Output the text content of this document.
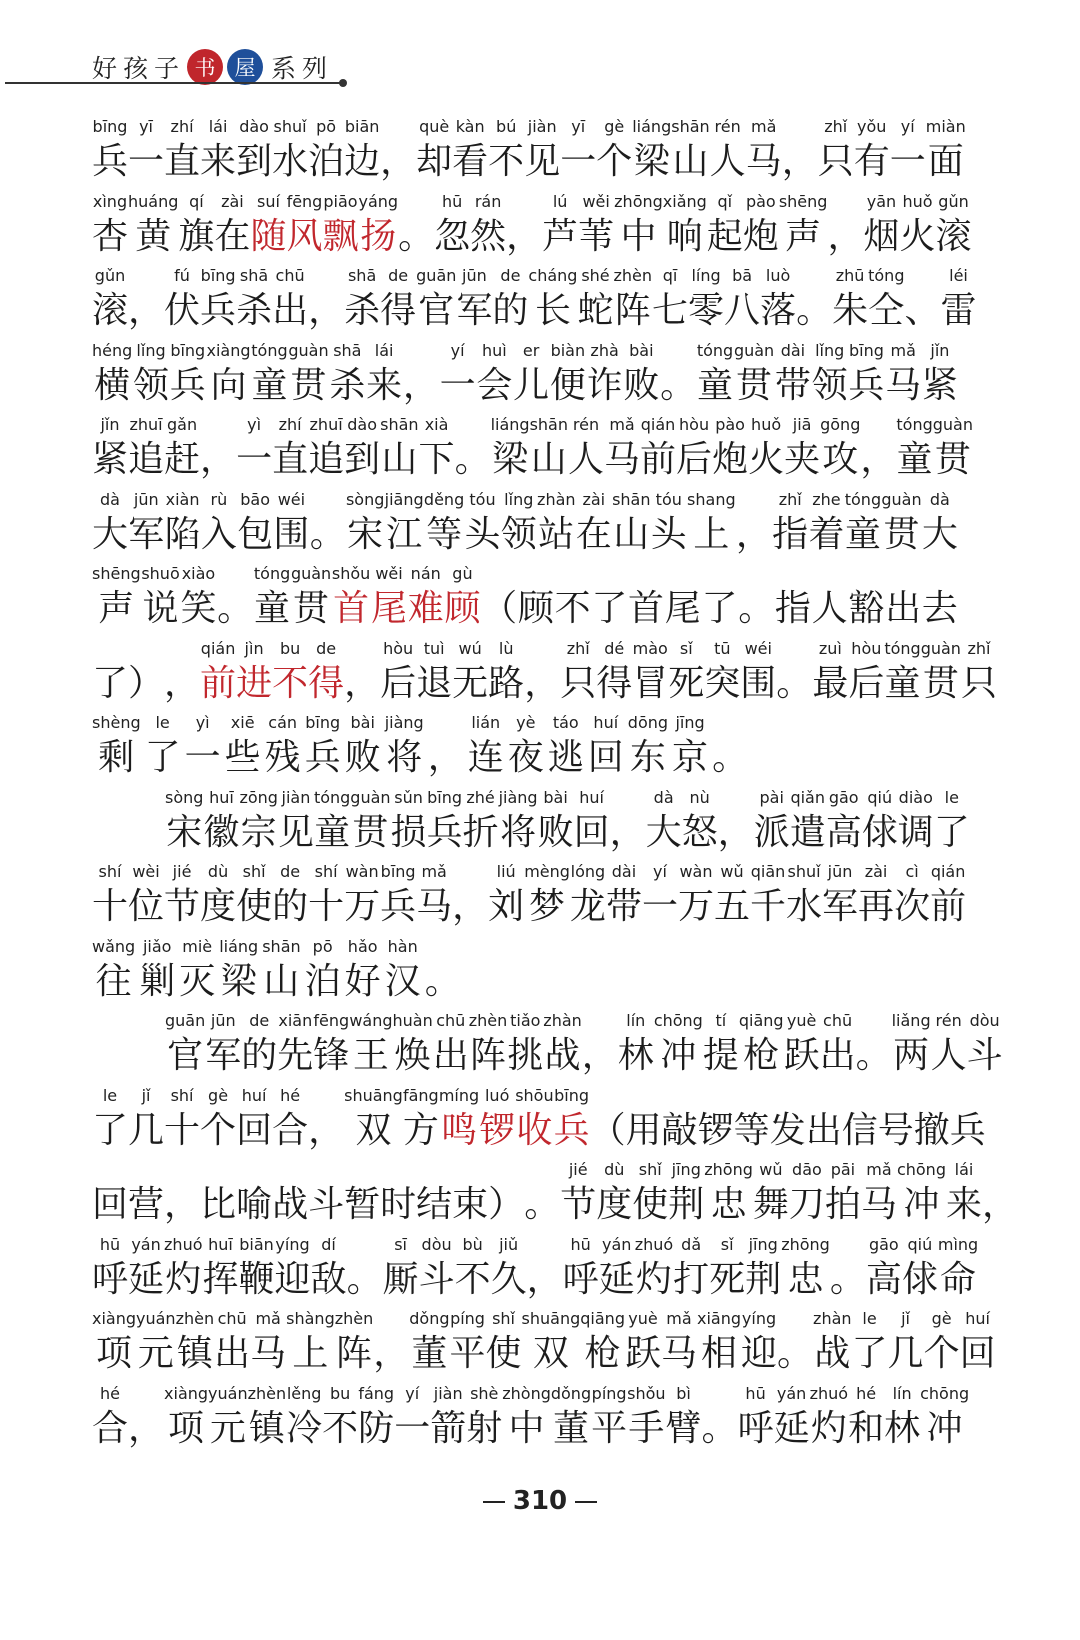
好孩子 书 屋 系列
bīng
兵
yī
一
zhí
直
lái
来
dào
到
shuǐ
水
pō
泊
biān
边 ，
què
却
kàn
看
bú
不
jiàn
见
yī
一
gè
个
liáng
梁
shān
山
rén
人
mǎ
马 ，
zhǐ
只
yǒu
有
yí
一
miàn
面
xìng
杏
huáng
黄
qí
旗
zài
在
suí
随
fēng
风
piāo
飘
yáng
扬 。
hū
忽
rán
然 ，
lú
芦
wěi
苇
zhōng
中
xiǎng
响
qǐ
起
pào
炮
shēng
声 ，
yān
烟
huǒ
火
gǔn
滚
gǔn
滚 ，
fú
伏
bīng
兵
shā
杀
chū
出 ，
shā
杀
de
得
guān
官
jūn
军
de
的
cháng
长
shé
蛇
zhèn
阵
qī
七
líng
零
bā
八
luò
落 。
zhū
朱
tóng
仝 、
léi
雷
héng
横
lǐng
领
bīng
兵
xiàng
向
tóng
童
guàn
贯
shā
杀
lái
来 ，
yí
一
huì
会
er
儿
biàn
便
zhà
诈
bài
败 。
tóng
童
guàn
贯
dài
带
lǐng
领
bīng
兵
mǎ
马
jǐn
紧
jǐn
紧
zhuī
追
gǎn
赶 ，
yì
一
zhí
直
zhuī
追
dào
到
shān
山
xià
下 。
liáng
梁
shān
山
rén
人
mǎ
马
qián
前
hòu
后
pào
炮
huǒ
火
jiā
夹
gōng
攻 ，
tóng
童
guàn
贯
dà
大
jūn
军
xiàn
陷
rù
入
bāo
包
wéi
围 。
sòng
宋
jiāng
江
děng
等
tóu
头
lǐng
领
zhàn
站
zài
在
shān
山
tóu
头
shang
上 ，
zhǐ
指
zhe
着
tóng
童
guàn
贯
dà
大
shēng
声
shuō
说
xiào
笑 。
tóng
童
guàn
贯
shǒu
首
wěi
尾
nán
难
gù
顾 （ 顾 不 了 首 尾 了 。 指 人 豁 出 去
了 ） ，
qián
前
jìn
进
bu
不
de
得 ，
hòu
后
tuì
退
wú
无
lù
路 ，
zhǐ
只
dé
得
mào
冒
sǐ
死
tū
突
wéi
围 。
zuì
最
hòu
后
tóng
童
guàn
贯
zhǐ
只
shèng
剩
le
了
yì
一
xiē
些
cán
残
bīng
兵
bài
败
jiàng
将 ，
lián
连
yè
夜
táo
逃
huí
回
dōng
东
jīng
京 。
sòng
宋
huī
徽
zōng
宗
jiàn
见
tóng
童
guàn
贯
sǔn
损
bīng
兵
zhé
折
jiàng
将
bài
败
huí
回 ，
dà
大
nù
怒 ，
pài
派
qiǎn
遣
gāo
高
qiú
俅
diào
调
le
了
shí
十
wèi
位
jié
节
dù
度
shǐ
使
de
的
shí
十
wàn
万
bīng
兵
mǎ
马 ，
liú
刘
mèng
梦
lóng
龙
dài
带
yí
一
wàn
万
wǔ
五
qiān
千
shuǐ
水
jūn
军
zài
再
cì
次
qián
前
wǎng
往
jiǎo
剿
miè
灭
liáng
梁
shān
山
pō
泊
hǎo
好
hàn
汉 。
guān
官
jūn
军
de
的
xiān
先
fēng
锋
wáng
王
huàn
焕
chū
出
zhèn
阵
tiǎo
挑
zhàn
战 ，
lín
林
chōng
冲
tí
提
qiāng
枪
yuè
跃
chū
出 。
liǎng
两
rén
人
dòu
斗
le
了
jǐ
几
shí
十
gè
个
huí
回
hé
合 ，
shuāng
双
fāng
方
míng
鸣
luó
锣
shōu
收
bīng
兵 （ 用 敲 锣 等 发 出 信 号 撤 兵
回 营 ， 比 喻 战 斗 暂 时 结 束 ） 。
jié
节
dù
度
shǐ
使
jīng
荆
zhōng
忠
wǔ
舞
dāo
刀
pāi
拍
mǎ
马
chōng
冲
lái
来 ，
hū
呼
yán
延
zhuó
灼
huī
挥
biān
鞭
yíng
迎
dí
敌 。
sī
厮
dòu
斗
bù
不
jiǔ
久 ，
hū
呼
yán
延
zhuó
灼
dǎ
打
sǐ
死
jīng
荆
zhōng
忠 。
gāo
高
qiú
俅
mìng
命
xiàng
项
yuán
元
zhèn
镇
chū
出
mǎ
马
shàng
上
zhèn
阵 ，
dǒng
董
píng
平
shǐ
使
shuāng
双
qiāng
枪
yuè
跃
mǎ
马
xiāng
相
yíng
迎 。
zhàn
战
le
了
jǐ
几
gè
个
huí
回
hé
合 ，
xiàng
项
yuán
元
zhèn
镇
lěng
冷
bu
不
fáng
防
yí
一
jiàn
箭
shè
射
zhòng
中
dǒng
董
píng
平
shǒu
手
bì
臂 。
hū
呼
yán
延
zhuó
灼
hé
和
lín
林
chōng
冲
310
